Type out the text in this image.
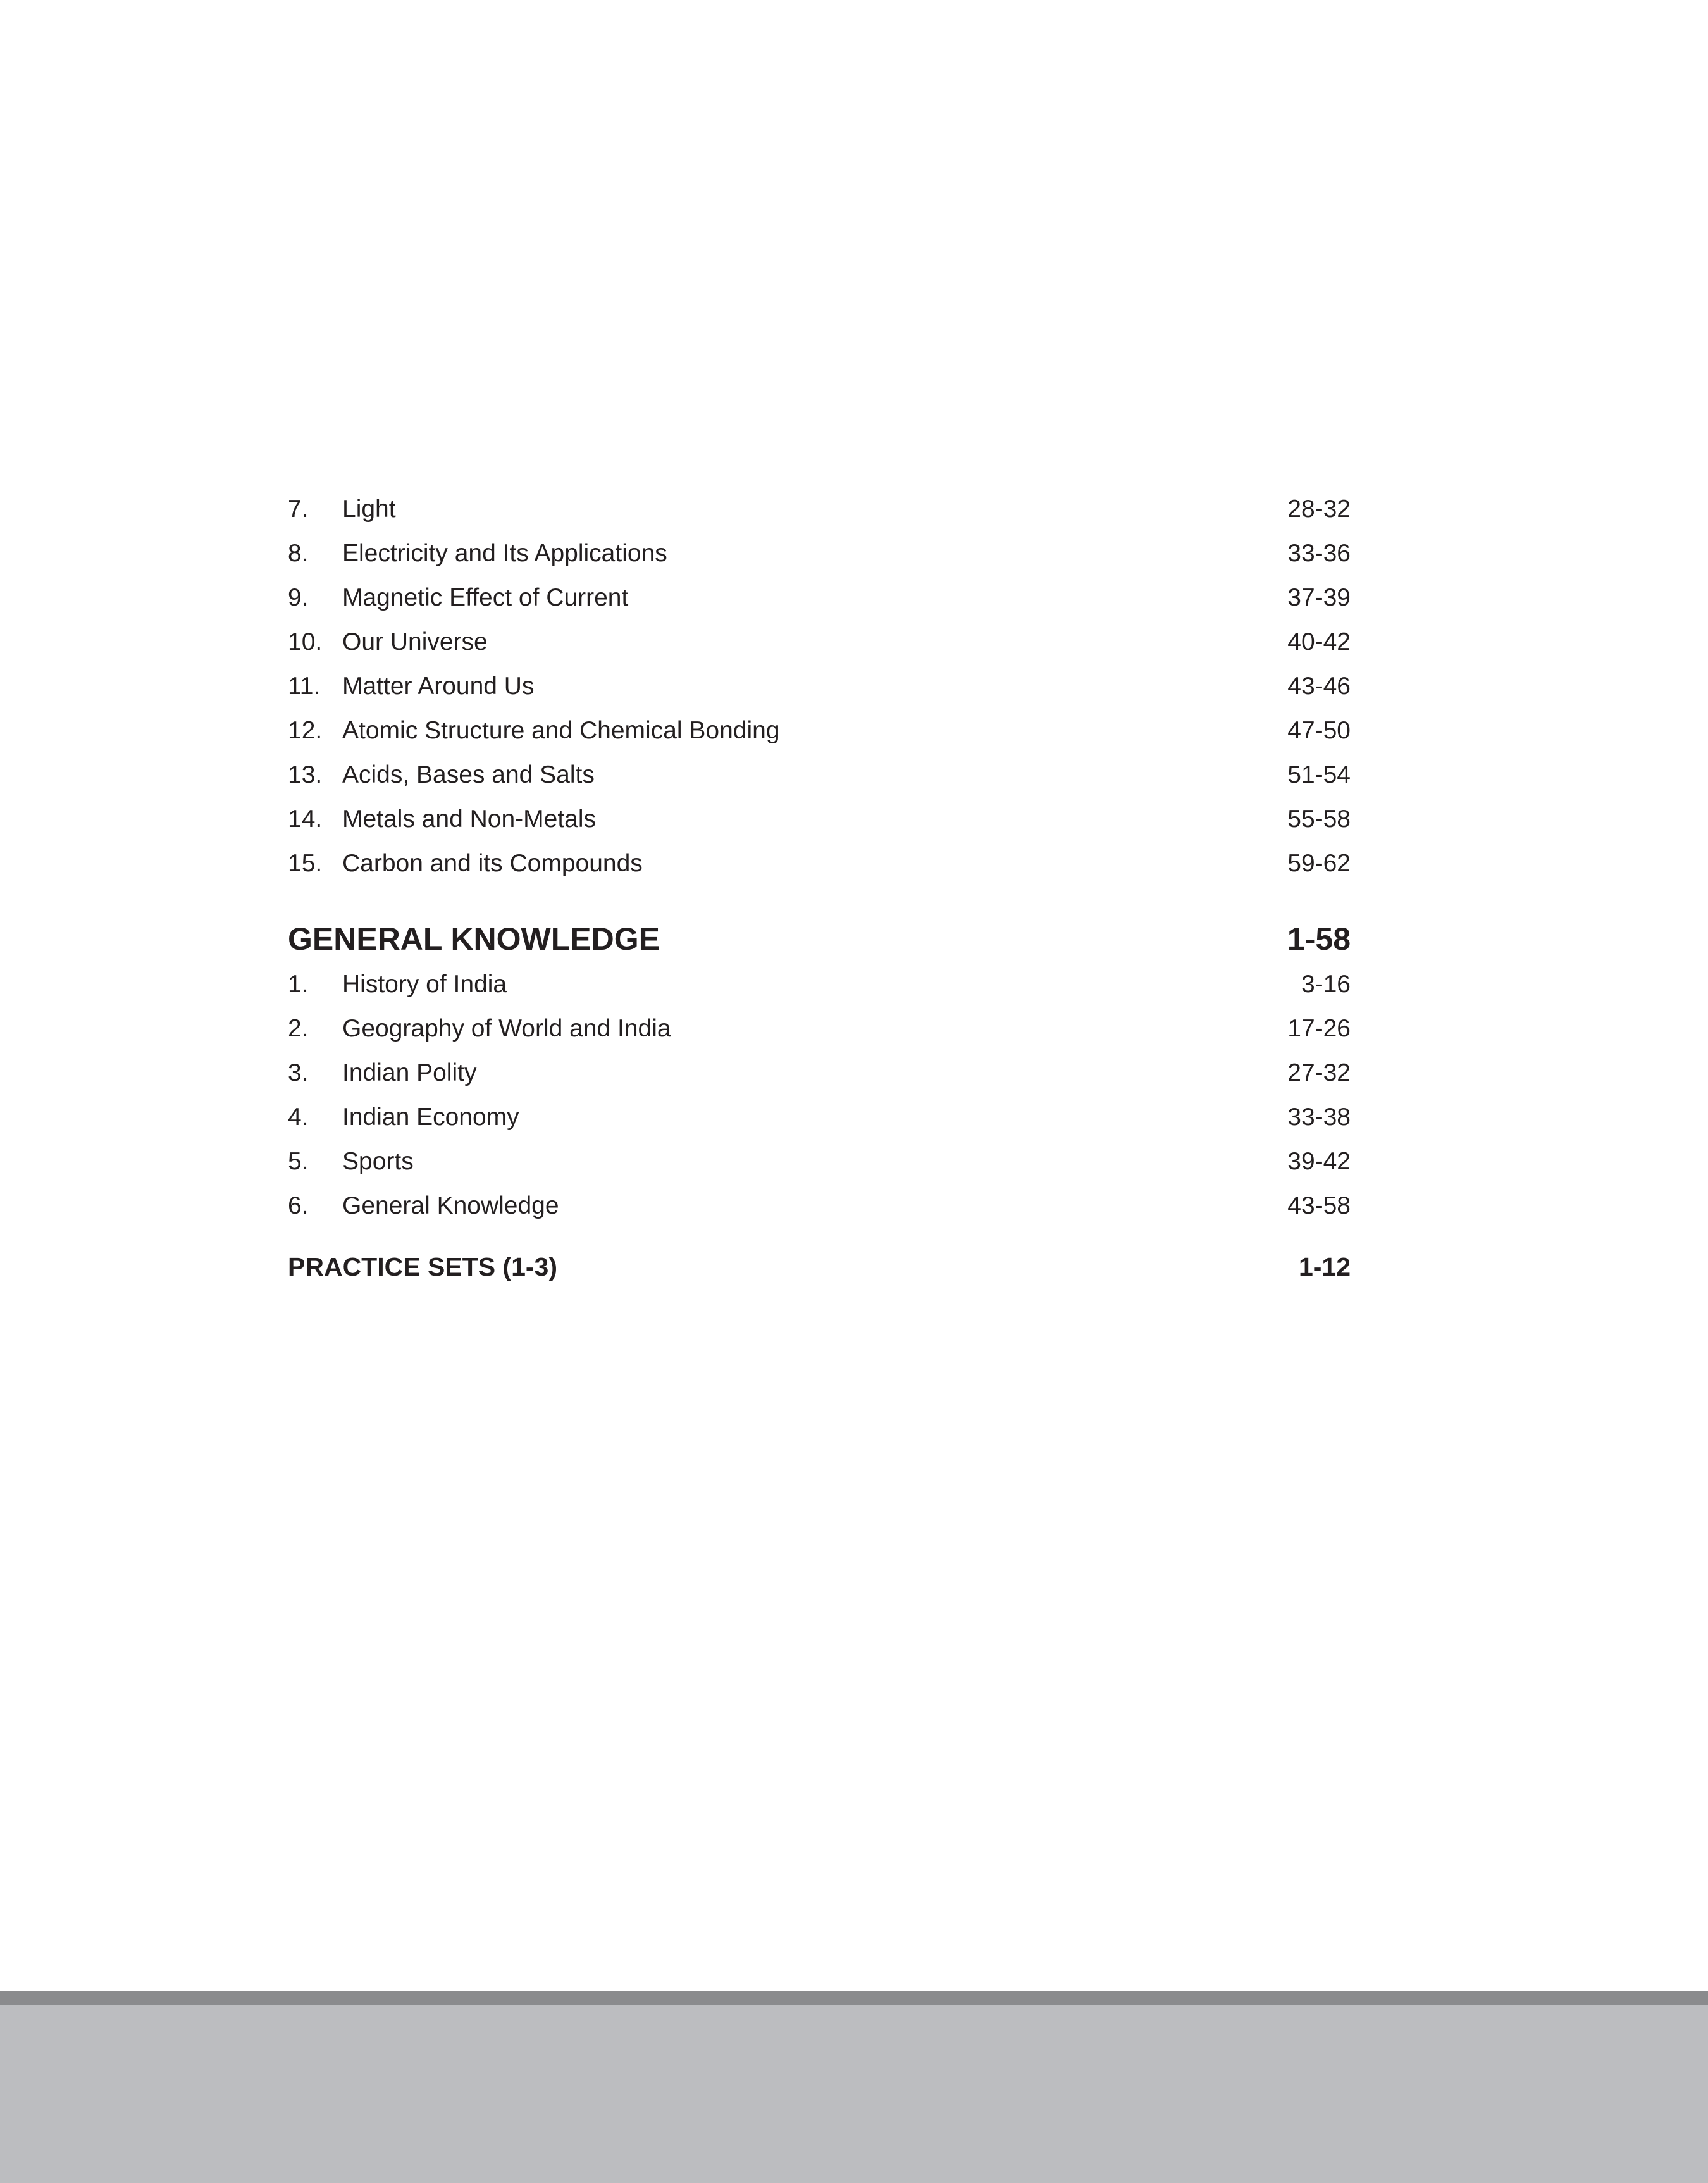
7. Light	28-32
8. Electricity and Its Applications	33-36
9. Magnetic Effect of Current	37-39
10. Our Universe	40-42
11. Matter Around Us	43-46
12. Atomic Structure and Chemical Bonding	47-50
13. Acids, Bases and Salts	51-54
14. Metals and Non-Metals	55-58
15. Carbon and its Compounds	59-62
GENERAL KNOWLEDGE	1-58
1. History of India	3-16
2. Geography of World and India	17-26
3. Indian Polity	27-32
4. Indian Economy	33-38
5. Sports	39-42
6. General Knowledge	43-58
PRACTICE SETS (1-3)	1-12
